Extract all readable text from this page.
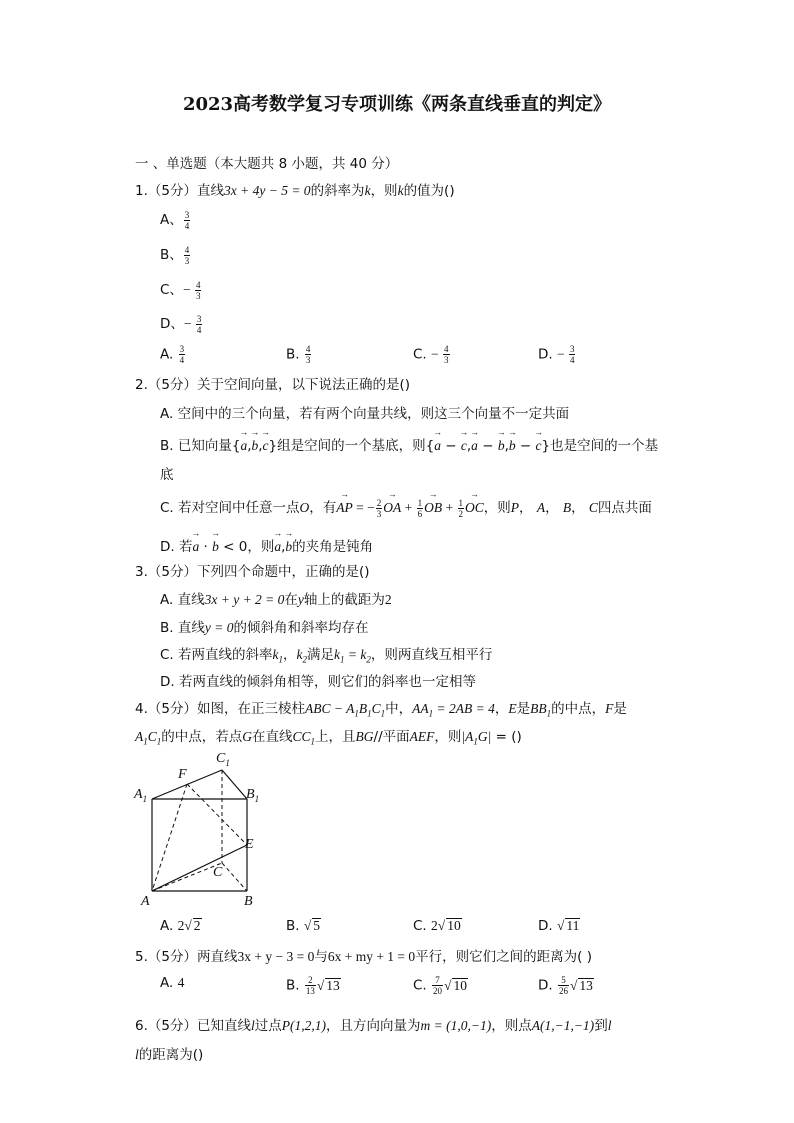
2023高考数学复习专项训练《两条直线垂直的判定》
一 、单选题（本大题共 8 小题，共 40 分）
1.（5分）直线3x + 4y − 5 = 0的斜率为k，则k的值为()
A、 $\frac{3}{4}$
B、 $\frac{4}{3}$
C、− $\frac{4}{3}$
D、− $\frac{3}{4}$
A. $\frac{3}{4}$	B. $\frac{4}{3}$	C. − $\frac{4}{3}$	D. − $\frac{3}{4}$
2.（5分）关于空间向量，以下说法正确的是()
A. 空间中的三个向量，若有两个向量共线，则这三个向量不一定共面
B. 已知向量{→ a,→ b,→ c}组是空间的一个基底，则{→ a − → c,→ a − → b,→ b − → c}也是空间的一个基
底
C. 若对空间中任意一点O，有→ AP = − $\frac{2}{3}$ → OA + $\frac{1}{6}$ → OB + $\frac{1}{2}$ → OC，则P， A， B， C四点共面
D. 若→ a · → b < 0，则→ a,→ b的夹角是钝角
3.（5分）下列四个命题中，正确的是()
A. 直线3x + y + 2 = 0在y轴上的截距为2
B. 直线y = 0的倾斜角和斜率均存在
C. 若两直线的斜率$k_1$，$k_2$满足$k_1 = k_2$，则两直线互相平行
D. 若两直线的倾斜角相等，则它们的斜率也一定相等
4.（5分）如图，在正三棱柱ABC − $A_1B_1C_1$中，$AA_1 = 2AB = 4$，E是$BB_1$的中点，F是
$A_1C_1$的中点，若点G在直线$CC_1$上，且BG//平面AEF，则$|A_1G|$ = ()
$A_1$	$B_1$
$C_1$
F
E
C
A	B
A. 2√ 2	B. √ 5	C. 2√ 10	D. √ 11
5.（5分）两直线3x + y − 3 = 0与6x + my + 1 = 0平行，则它们之间的距离为( )
A. 4	B. $\frac{2}{13}$ √ 13	C. $\frac{7}{20}$ √ 10	D. $\frac{5}{26}$ √ 13
6.（5分）已知直线l过点P(1,2,1)，且方向向量为m = (1,0,−1)，则点A(1,−1,−1)到l
l的距离为()
